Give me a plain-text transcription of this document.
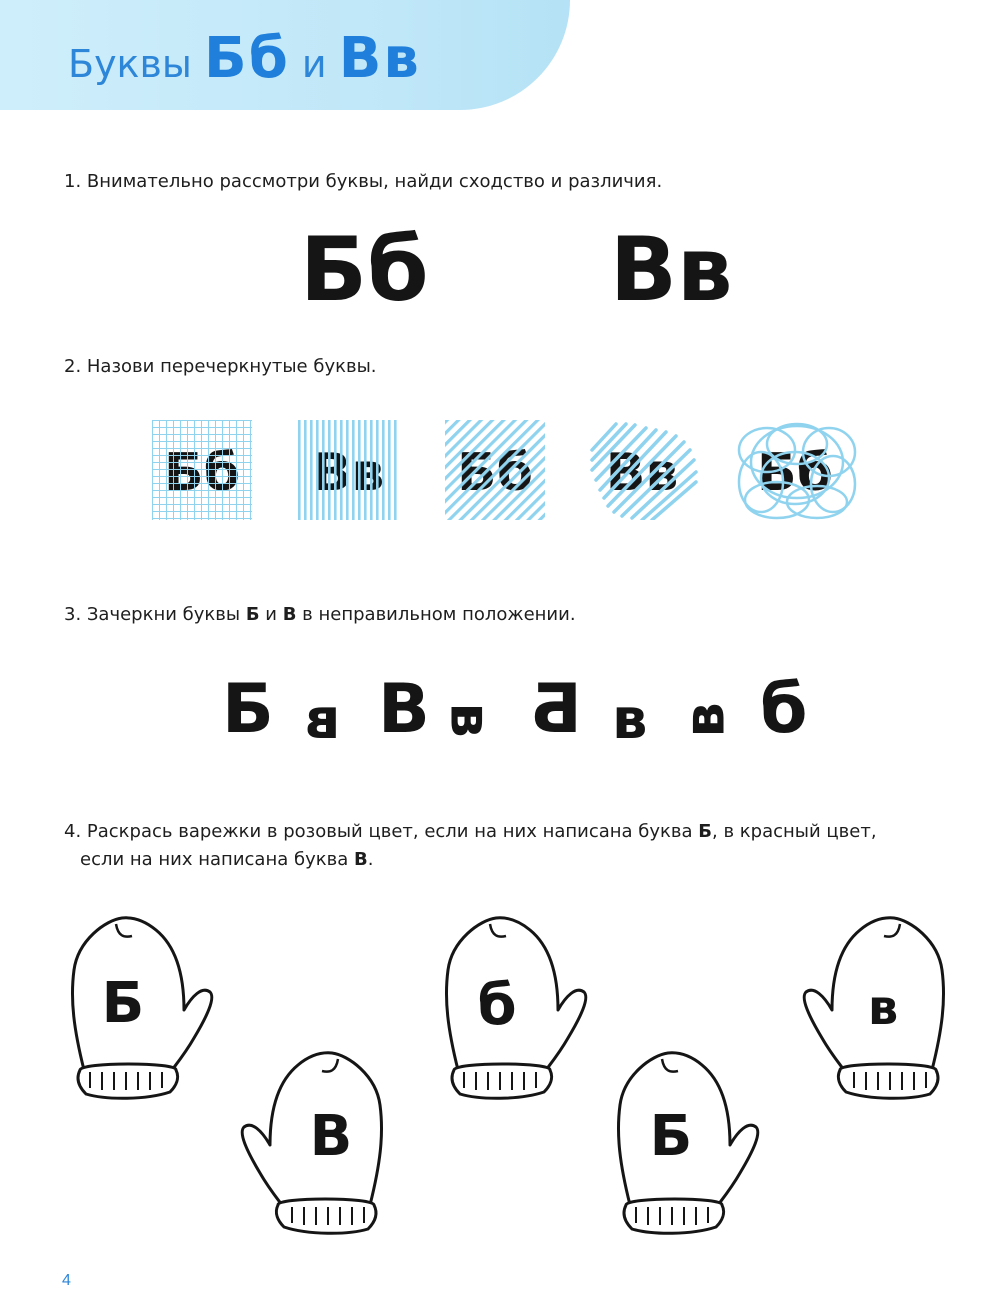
Буквы Бб и Вв

1. Внимательно рассмотри буквы, найди сходство и различия.

Бб Вв

2. Назови перечеркнутые буквы.

Вв Бб

3. Зачеркни буквы Б и В в неправильном положении.

Б в В в Б в в б

4. Раскрась варежки в розовый цвет, если на них написана буква Б, в красный цвет,

если на них написана буква В.

Б
В
б
Б
в
4
